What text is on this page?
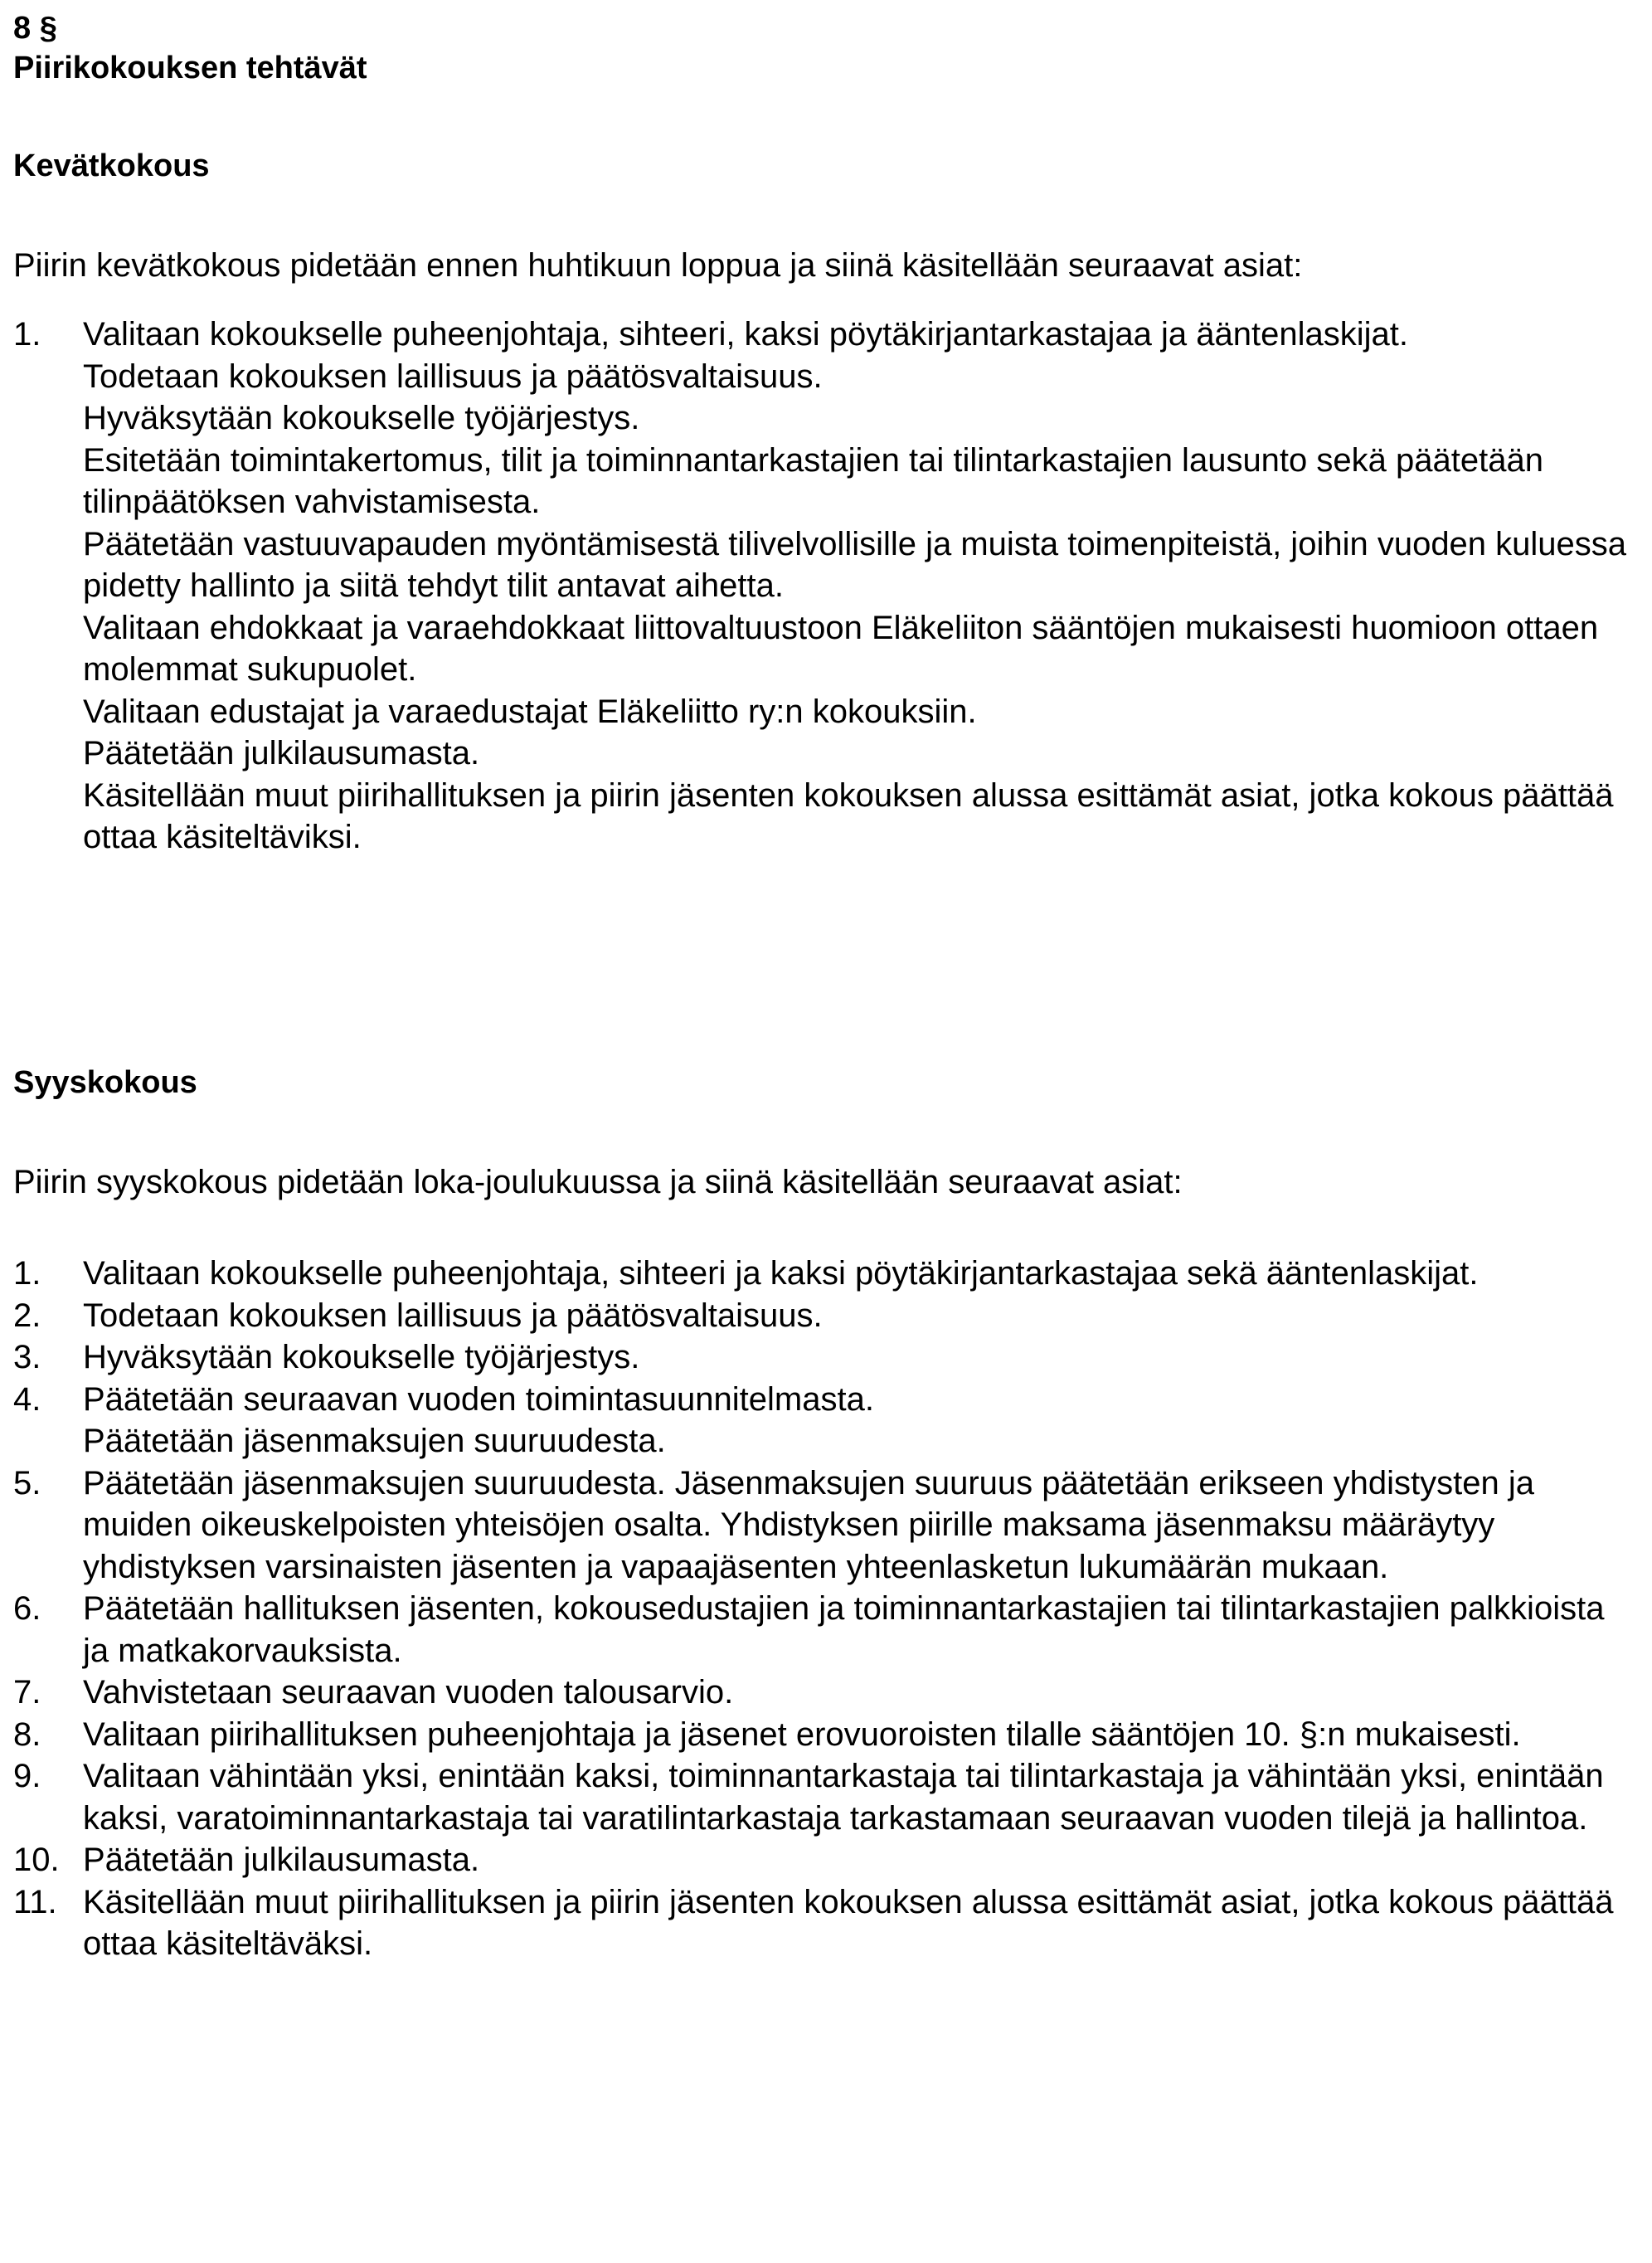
8 §

Piirikokouksen tehtävät

Kevätkokous

Piirin kevätkokous pidetään ennen huhtikuun loppua ja siinä käsitellään seuraavat asiat:

1. Valitaan kokoukselle puheenjohtaja, sihteeri, kaksi pöytäkirjantarkastajaa ja ääntenlaskijat.
Todetaan kokouksen laillisuus ja päätösvaltaisuus.
Hyväksytään kokoukselle työjärjestys.
Esitetään toimintakertomus, tilit ja toiminnantarkastajien tai tilintarkastajien lausunto sekä päätetään tilinpäätöksen vahvistamisesta.
Päätetään vastuuvapauden myöntämisestä tilivelvollisille ja muista toimenpiteistä, joihin vuoden kuluessa pidetty hallinto ja siitä tehdyt tilit antavat aihetta.
Valitaan ehdokkaat ja varaehdokkaat liittovaltuustoon Eläkeliiton sääntöjen mukaisesti huomioon ottaen molemmat sukupuolet.
Valitaan edustajat ja varaedustajat Eläkeliitto ry:n kokouksiin.
Päätetään julkilausumasta.
Käsitellään muut piirihallituksen ja piirin jäsenten kokouksen alussa esittämät asiat, jotka kokous päättää ottaa käsiteltäviksi.

Syyskokous

Piirin syyskokous pidetään loka-joulukuussa ja siinä käsitellään seuraavat asiat:

1. Valitaan kokoukselle puheenjohtaja, sihteeri ja kaksi pöytäkirjantarkastajaa sekä ääntenlaskijat.
2. Todetaan kokouksen laillisuus ja päätösvaltaisuus.
3. Hyväksytään kokoukselle työjärjestys.
4. Päätetään seuraavan vuoden toimintasuunnitelmasta.
Päätetään jäsenmaksujen suuruudesta.
5. Päätetään jäsenmaksujen suuruudesta. Jäsenmaksujen suuruus päätetään erikseen yhdistysten ja muiden oikeuskelpoisten yhteisöjen osalta. Yhdistyksen piirille maksama jäsenmaksu määräytyy yhdistyksen varsinaisten jäsenten ja vapaajäsenten yhteenlasketun lukumäärän mukaan.
6. Päätetään hallituksen jäsenten, kokousedustajien ja toiminnantarkastajien tai tilintarkastajien palkkioista ja matkakorvauksista.
7. Vahvistetaan seuraavan vuoden talousarvio.
8. Valitaan piirihallituksen puheenjohtaja ja jäsenet erovuoroisten tilalle sääntöjen 10. §:n mukaisesti.
9. Valitaan vähintään yksi, enintään kaksi, toiminnantarkastaja tai tilintarkastaja ja vähintään yksi, enintään kaksi, varatoiminnantarkastaja tai varatilintarkastaja tarkastamaan seuraavan vuoden tilejä ja hallintoa.
10. Päätetään julkilausumasta.
11. Käsitellään muut piirihallituksen ja piirin jäsenten kokouksen alussa esittämät asiat, jotka kokous päättää ottaa käsiteltäväksi.
